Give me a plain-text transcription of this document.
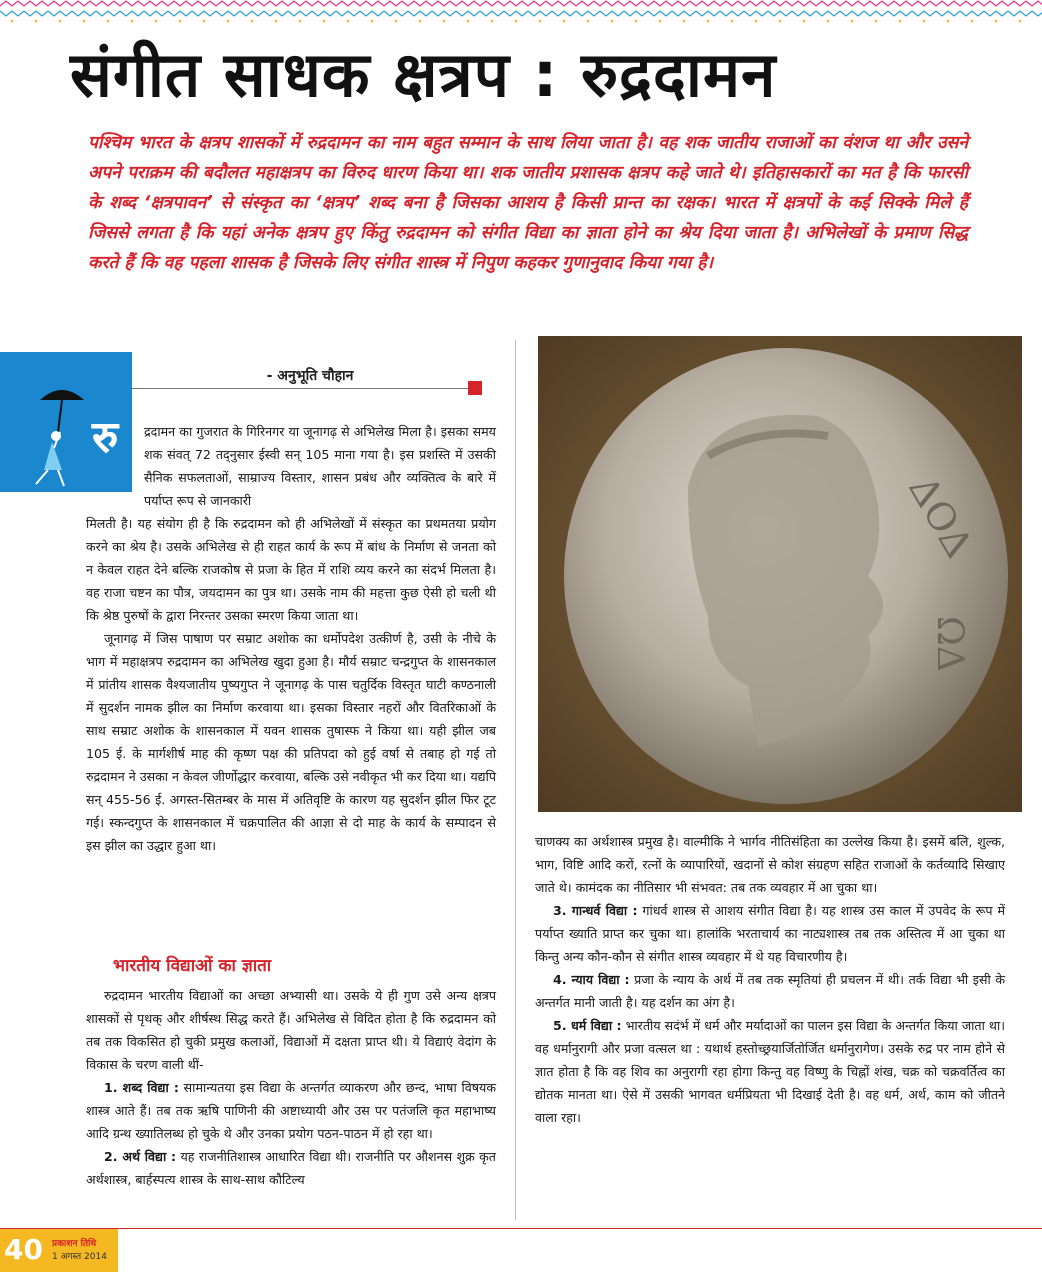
संगीत साधक क्षत्रप : रुद्रदामन

पश्चिम भारत के क्षत्रप शासकों में रुद्रदामन का नाम बहुत सम्मान के साथ लिया जाता है। वह शक जातीय राजाओं का वंशज था और उसने अपने पराक्रम की बदौलत महाक्षत्रप का विरुद धारण किया था। शक जातीय प्रशासक क्षत्रप कहे जाते थे। इतिहासकारों का मत है कि फारसी के शब्द ‘क्षत्रपावन’ से संस्कृत का ‘क्षत्रप’ शब्द बना है जिसका आशय है किसी प्रान्त का रक्षक। भारत में क्षत्रपों के कई सिक्के मिले हैं जिससे लगता है कि यहां अनेक क्षत्रप हुए किंतु रुद्रदामन को संगीत विद्या का ज्ञाता होने का श्रेय दिया जाता है। अभिलेखों के प्रमाण सिद्ध करते हैं कि वह पहला शासक है जिसके लिए संगीत शास्त्र में निपुण कहकर गुणानुवाद किया गया है।

रु
- अनुभूति चौहान

द्रदामन का गुजरात के गिरिनगर या जूनागढ़ से अभिलेख मिला है। इसका समय शक संवत् 72 तद्नुसार ईस्वी सन् 105 माना गया है। इस प्रशस्ति में उसकी सैनिक सफलताओं, साम्राज्य विस्तार, शासन प्रबंध और व्यक्तित्व के बारे में पर्याप्त रूप से जानकारी

मिलती है। यह संयोग ही है कि रुद्रदामन को ही अभिलेखों में संस्कृत का प्रथमतया प्रयोग करने का श्रेय है। उसके अभिलेख से ही राहत कार्य के रूप में बांध के निर्माण से जनता को न केवल राहत देने बल्कि राजकोष से प्रजा के हित में राशि व्यय करने का संदर्भ मिलता है। वह राजा चष्टन का पौत्र, जयदामन का पुत्र था। उसके नाम की महत्ता कुछ ऐसी हो चली थी कि श्रेष्ठ पुरुषों के द्वारा निरन्तर उसका स्मरण किया जाता था।

जूनागढ़ में जिस पाषाण पर सम्राट अशोक का धर्मोपदेश उत्कीर्ण है, उसी के नीचे के भाग में महाक्षत्रप रुद्रदामन का अभिलेख खुदा हुआ है। मौर्य सम्राट चन्द्रगुप्त के शासनकाल में प्रांतीय शासक वैश्यजातीय पुष्यगुप्त ने जूनागढ़ के पास चतुर्दिक विस्तृत घाटी कण्ठनाली में सुदर्शन नामक झील का निर्माण करवाया था। इसका विस्तार नहरों और वितरिकाओं के साथ सम्राट अशोक के शासनकाल में यवन शासक तुषास्फ ने किया था। यही झील जब 105 ई. के मार्गशीर्ष माह की कृष्ण पक्ष की प्रतिपदा को हुई वर्षा से तबाह हो गई तो रुद्रदामन ने उसका न केवल जीर्णोद्धार करवाया, बल्कि उसे नवीकृत भी कर दिया था। यद्यपि सन् 455-56 ई. अगस्त-सितम्बर के मास में अतिवृष्टि के कारण यह सुदर्शन झील फिर टूट गई। स्कन्दगुप्त के शासनकाल में चक्रपालित की आज्ञा से दो माह के कार्य के सम्पादन से इस झील का उद्धार हुआ था।

भारतीय विद्याओं का ज्ञाता

रुद्रदामन भारतीय विद्याओं का अच्छा अभ्यासी था। उसके ये ही गुण उसे अन्य क्षत्रप शासकों से पृथक् और शीर्षस्थ सिद्ध करते हैं। अभिलेख से विदित होता है कि रुद्रदामन को तब तक विकसित हो चुकी प्रमुख कलाओं, विद्याओं में दक्षता प्राप्त थी। ये विद्याएं वेदांग के विकास के चरण वाली थीं-

1. शब्द विद्या : सामान्यतया इस विद्या के अन्तर्गत व्याकरण और छन्द, भाषा विषयक शास्त्र आते हैं। तब तक ऋषि पाणिनी की अष्टाध्यायी और उस पर पतंजलि कृत महाभाष्य आदि ग्रन्थ ख्यातिलब्ध हो चुके थे और उनका प्रयोग पठन-पाठन में हो रहा था।

2. अर्थ विद्या : यह राजनीतिशास्त्र आधारित विद्या थी। राजनीति पर औशनस शुक्र कृत अर्थशास्त्र, बार्हस्पत्य शास्त्र के साथ-साथ कौटिल्य

ΔOΔ
ΩΔ

चाणक्य का अर्थशास्त्र प्रमुख है। वाल्मीकि ने भार्गव नीतिसंहिता का उल्लेख किया है। इसमें बलि, शुल्क, भाग, विष्टि आदि करों, रत्नों के व्यापारियों, खदानों से कोश संग्रहण सहित राजाओं के कर्तव्यादि सिखाए जाते थे। कामंदक का नीतिसार भी संभवत: तब तक व्यवहार में आ चुका था।

3. गान्धर्व विद्या : गांधर्व शास्त्र से आशय संगीत विद्या है। यह शास्त्र उस काल में उपवेद के रूप में पर्याप्त ख्याति प्राप्त कर चुका था। हालांकि भरताचार्य का नाट्यशास्त्र तब तक अस्तित्व में आ चुका था किन्तु अन्य कौन-कौन से संगीत शास्त्र व्यवहार में थे यह विचारणीय है।

4. न्याय विद्या : प्रजा के न्याय के अर्थ में तब तक स्मृतियां ही प्रचलन में थी। तर्क विद्या भी इसी के अन्तर्गत मानी जाती है। यह दर्शन का अंग है।

5. धर्म विद्या : भारतीय सदंर्भ में धर्म और मर्यादाओं का पालन इस विद्या के अन्तर्गत किया जाता था। वह धर्मानुरागी और प्रजा वत्सल था : यथार्थ हस्तोच्छ्रयार्जितोर्जित धर्मानुरागेण। उसके रुद्र पर नाम होने से ज्ञात होता है कि वह शिव का अनुरागी रहा होगा किन्तु वह विष्णु के चिह्नों शंख, चक्र को चक्रवर्तित्व का द्योतक मानता था। ऐसे में उसकी भागवत धर्मप्रियता भी दिखाई देती है। वह धर्म, अर्थ, काम को जीतने वाला रहा।

40 प्रकाशन तिथि
1 अगस्त 2014
